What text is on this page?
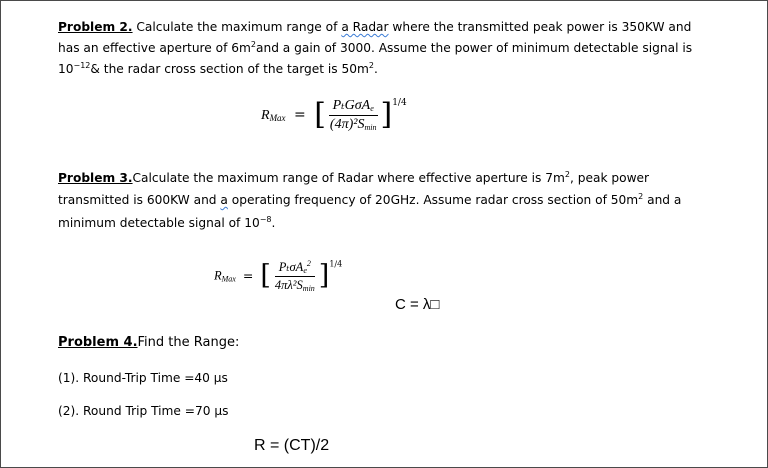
Problem 2. Calculate the maximum range of a Radar where the transmitted peak power is 350KW and
has an effective aperture of $6m^2and$ a gain of 3000. Assume the power of minimum detectable signal is
$10^{-12}\&$ the radar cross section of the target is $50m^2$.
$R_{Max}$ = [ $\frac{P_tG\sigma A_e}{(4\pi)^2S_{min}} ]^{1/4}$
Problem 3.Calculate the maximum range of Radar where effective aperture is $7m^2$, peak power
transmitted is 600KW and a operating frequency of 20GHz. Assume radar cross section of $50m^2$ and a
minimum detectable signal of $10^{-8}$.
$R_{Max}$ = [ $\frac{P_t\sigma A_e^2}{4\pi\lambda^2S_{min}} ]^{1/4}$
C = λ□
Problem 4.Find the Range:
(1). Round-Trip Time =40 µs
(2). Round Trip Time =70 µs
R = (CT)/2
